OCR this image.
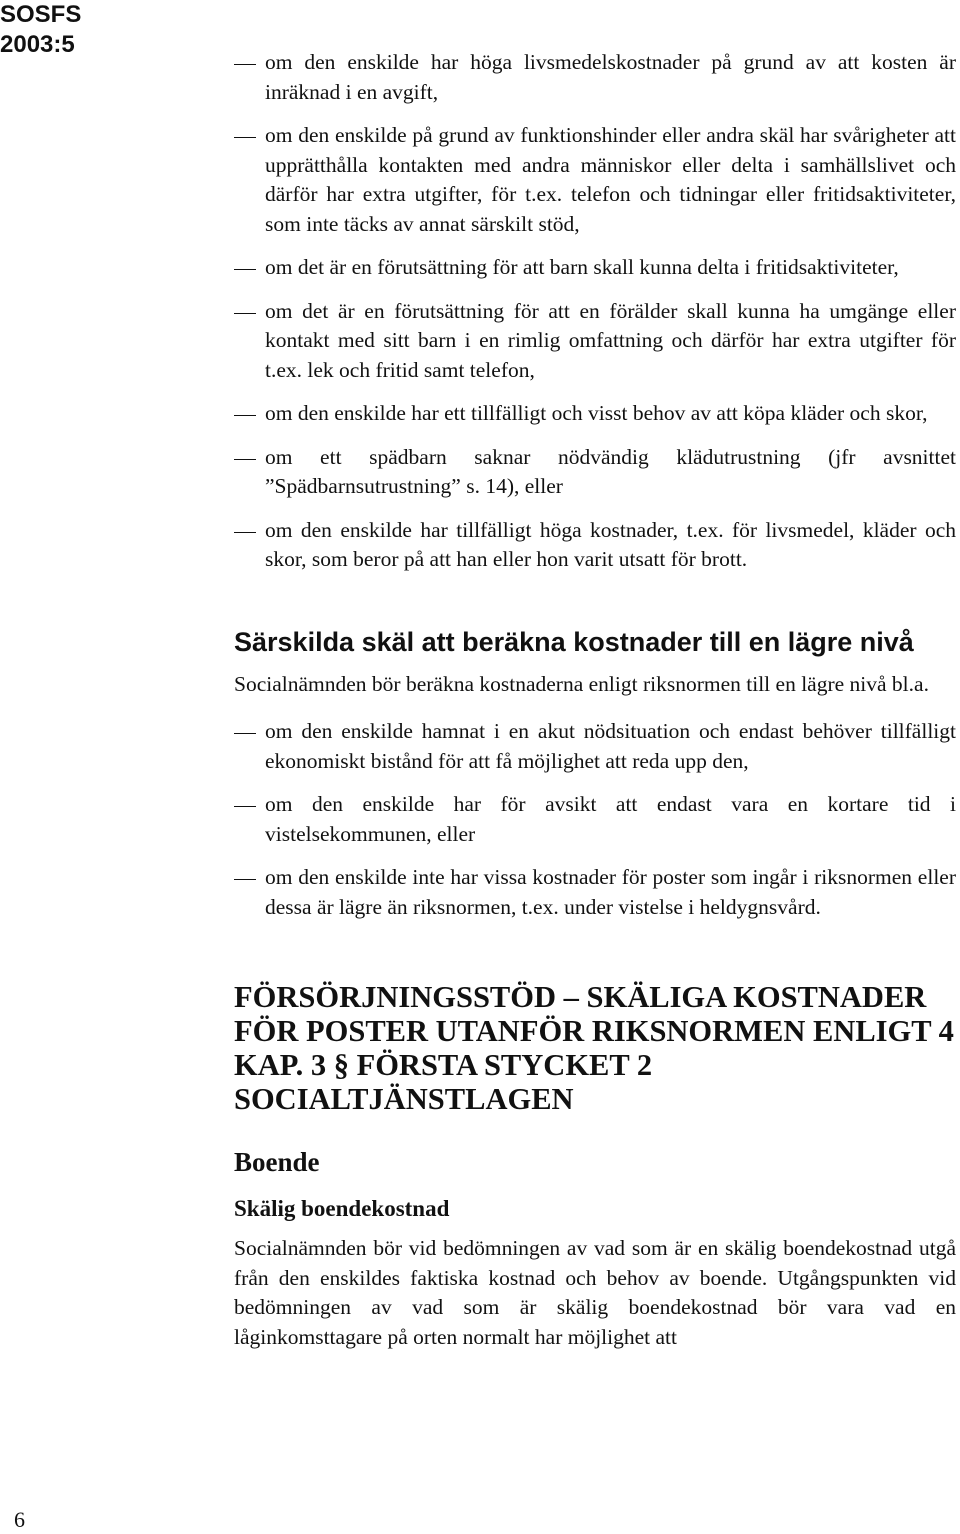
SOSFS
2003:5
om den enskilde har höga livsmedelskostnader på grund av att kosten är inräknad i en avgift,
om den enskilde på grund av funktionshinder eller andra skäl har svårigheter att upprätthålla kontakten med andra människor eller delta i samhällslivet och därför har extra utgifter, för t.ex. telefon och tidningar eller fritidsaktiviteter, som inte täcks av annat särskilt stöd,
om det är en förutsättning för att barn skall kunna delta i fritidsaktiviteter,
om det är en förutsättning för att en förälder skall kunna ha umgänge eller kontakt med sitt barn i en rimlig omfattning och därför har extra utgifter för t.ex. lek och fritid samt telefon,
om den enskilde har ett tillfälligt och visst behov av att köpa kläder och skor,
om ett spädbarn saknar nödvändig klädutrustning (jfr avsnittet ”Spädbarnsutrustning” s. 14), eller
om den enskilde har tillfälligt höga kostnader, t.ex. för livsmedel, kläder och skor, som beror på att han eller hon varit utsatt för brott.
Särskilda skäl att beräkna kostnader till en lägre nivå

Socialnämnden bör beräkna kostnaderna enligt riksnormen till en lägre nivå bl.a.

om den enskilde hamnat i en akut nödsituation och endast behöver tillfälligt ekonomiskt bistånd för att få möjlighet att reda upp den,
om den enskilde har för avsikt att endast vara en kortare tid i vistelsekommunen, eller
om den enskilde inte har vissa kostnader för poster som ingår i riksnormen eller dessa är lägre än riksnormen, t.ex. under vistelse i heldygnsvård.
FÖRSÖRJNINGSSTÖD – SKÄLIGA KOSTNADER FÖR POSTER UTANFÖR RIKSNORMEN ENLIGT 4 KAP. 3 § FÖRSTA STYCKET 2 SOCIALTJÄNSTLAGEN
Boende
Skälig boendekostnad

Socialnämnden bör vid bedömningen av vad som är en skälig boendekostnad utgå från den enskildes faktiska kostnad och behov av boende. Utgångspunkten vid bedömningen av vad som är skälig boendekostnad bör vara vad en låginkomsttagare på orten normalt har möjlighet att

6
